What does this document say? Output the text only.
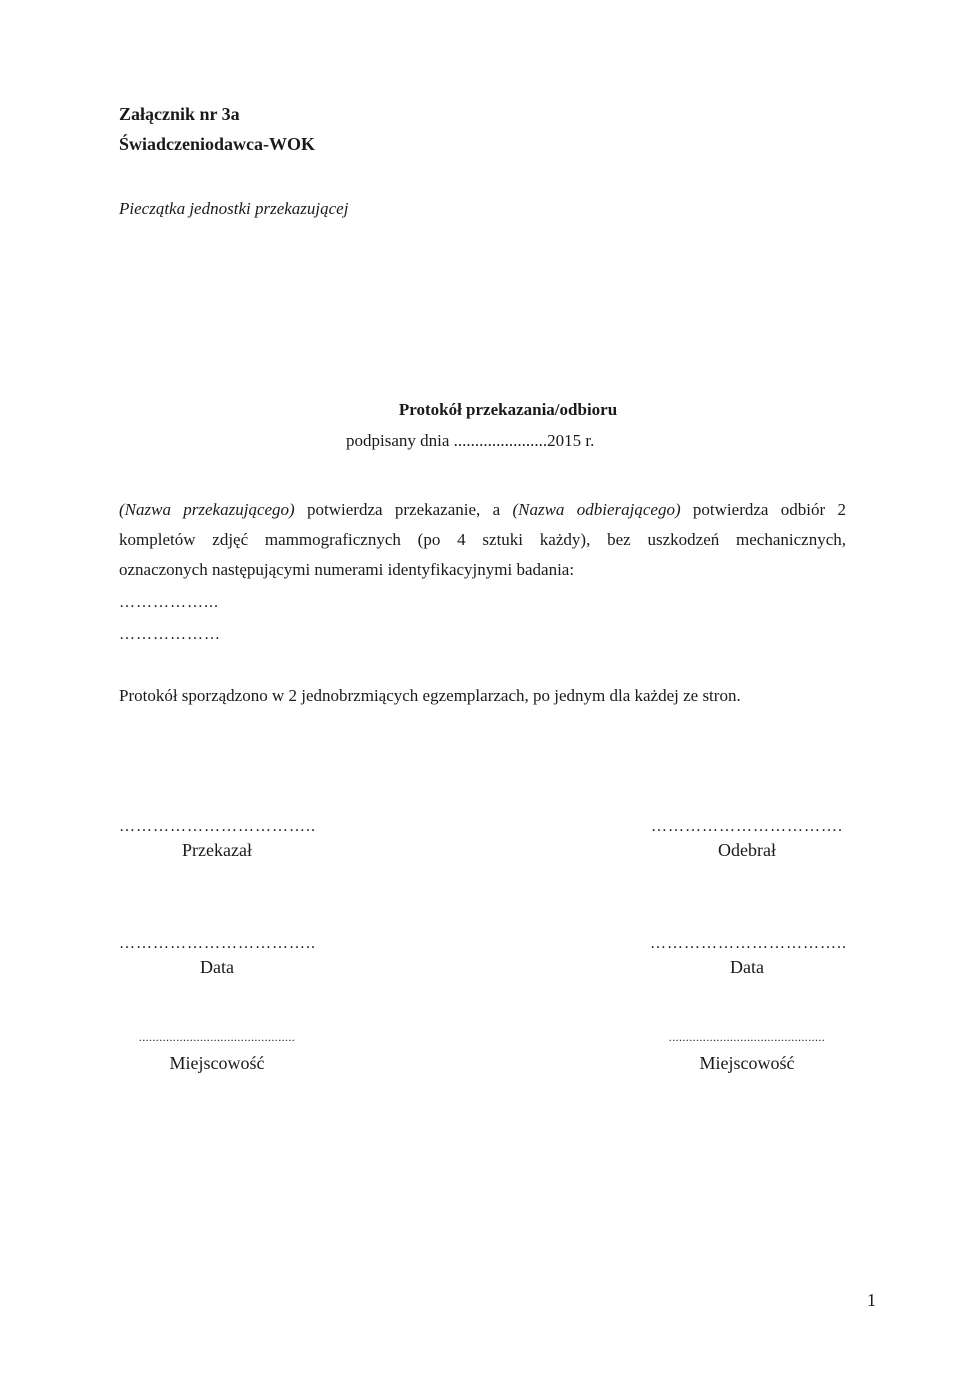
Załącznik nr 3a
Świadczeniodawca-WOK
Pieczątka jednostki przekazującej
Protokół przekazania/odbioru
podpisany dnia ......................2015 r.
(Nazwa przekazującego) potwierdza przekazanie, a (Nazwa odbierającego) potwierdza odbiór 2
kompletów zdjęć mammograficznych (po 4 sztuki każdy), bez uszkodzeń mechanicznych,
oznaczonych następującymi numerami identyfikacyjnymi badania:
……………...
………………
Protokół sporządzono w 2 jednobrzmiących egzemplarzach, po jednym dla każdej ze stron.
……………………………..
Przekazał
…………………………….
Odebrał
……………………………..
Data
……………………………..
Data
..............................................
Miejscowość
..............................................
Miejscowość
1
